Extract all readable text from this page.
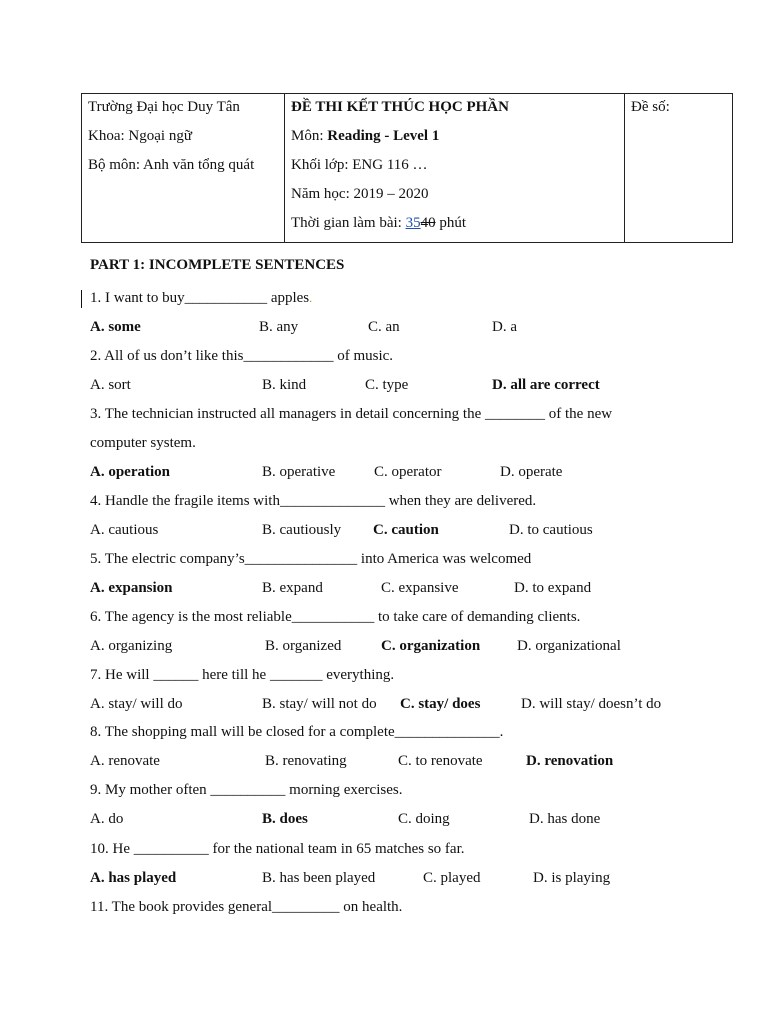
Trường Đại học Duy Tân
Khoa: Ngoại ngữ
Bộ môn: Anh văn tổng quát

ĐỀ THI KẾT THÚC HỌC PHẦN
Môn: Reading - Level 1
Khối lớp: ENG 116 …
Năm học: 2019 – 2020
Thời gian làm bài: 3540 phút

Đề số:
PART 1: INCOMPLETE SENTENCES
1. I want to buy___________ apples.
A. some	B. any	C. an	D. a
2. All of us don’t like this____________ of music.
A. sort	B. kind	C. type	D. all are correct
3. The technician instructed all managers in detail concerning the ________ of the new
computer system.
A. operation	B. operative	C. operator	D. operate
4. Handle the fragile items with______________ when they are delivered.
A. cautious	B. cautiously C. caution	D. to cautious
5. The electric company’s_______________ into America was welcomed
A. expansion	B. expand	C. expansive	D. to expand
6. The agency is the most reliable___________ to take care of demanding clients.
A. organizing	B. organized	C. organization D. organizational
7. He will ______ here till he _______ everything.
A. stay/ will do	B. stay/ will not do C. stay/ does	D. will stay/ doesn’t do
8. The shopping mall will be closed for a complete______________.
A. renovate	B. renovating	C. to renovate	D. renovation
9. My mother often __________ morning exercises.
A. do	B. does	C. doing	D. has done
10. He __________ for the national team in 65 matches so far.
A. has played	B. has been played	C. played	D. is playing
11. The book provides general_________ on health.
